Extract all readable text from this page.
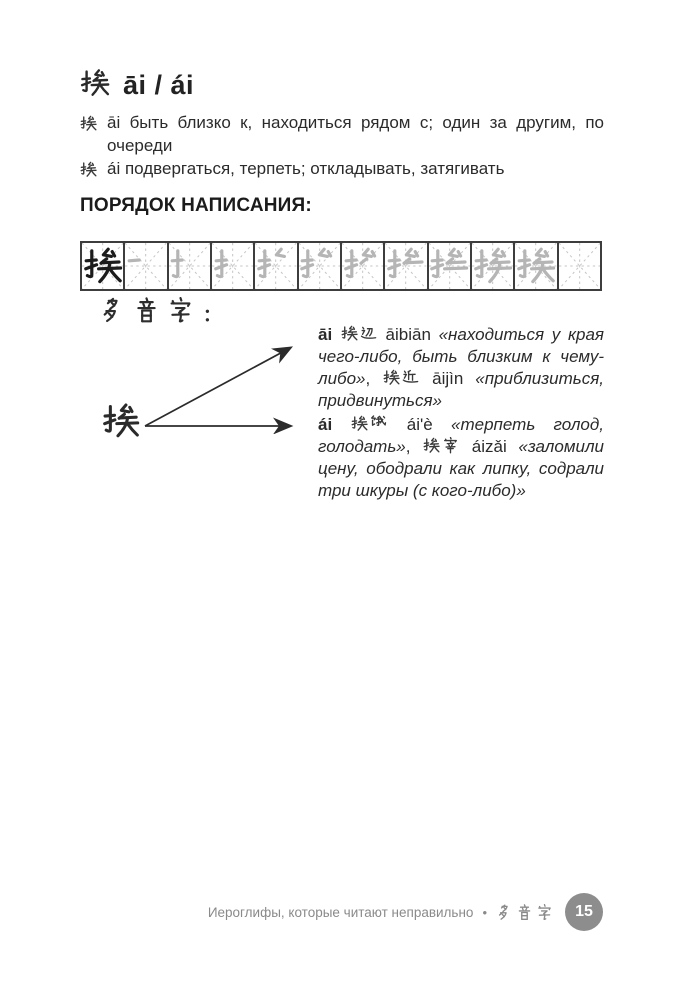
āi / ái
āi быть близко к, находиться рядом с; один за другим, по очереди
ái подвергаться, терпеть; откладывать, затягивать
ПОРЯДОК НАПИСАНИЯ:
:

āi	āibiān «находиться у края чего-либо, быть близким к чему-либо»,  āijìn «приблизиться, придвинуться»

ái	ái'è «терпеть голод, голодать»,  áizǎi «заломили цену, ободрали как липку, содрали три шкуры (с кого-либо)»

Иероглифы, которые читают неправильно •	15
